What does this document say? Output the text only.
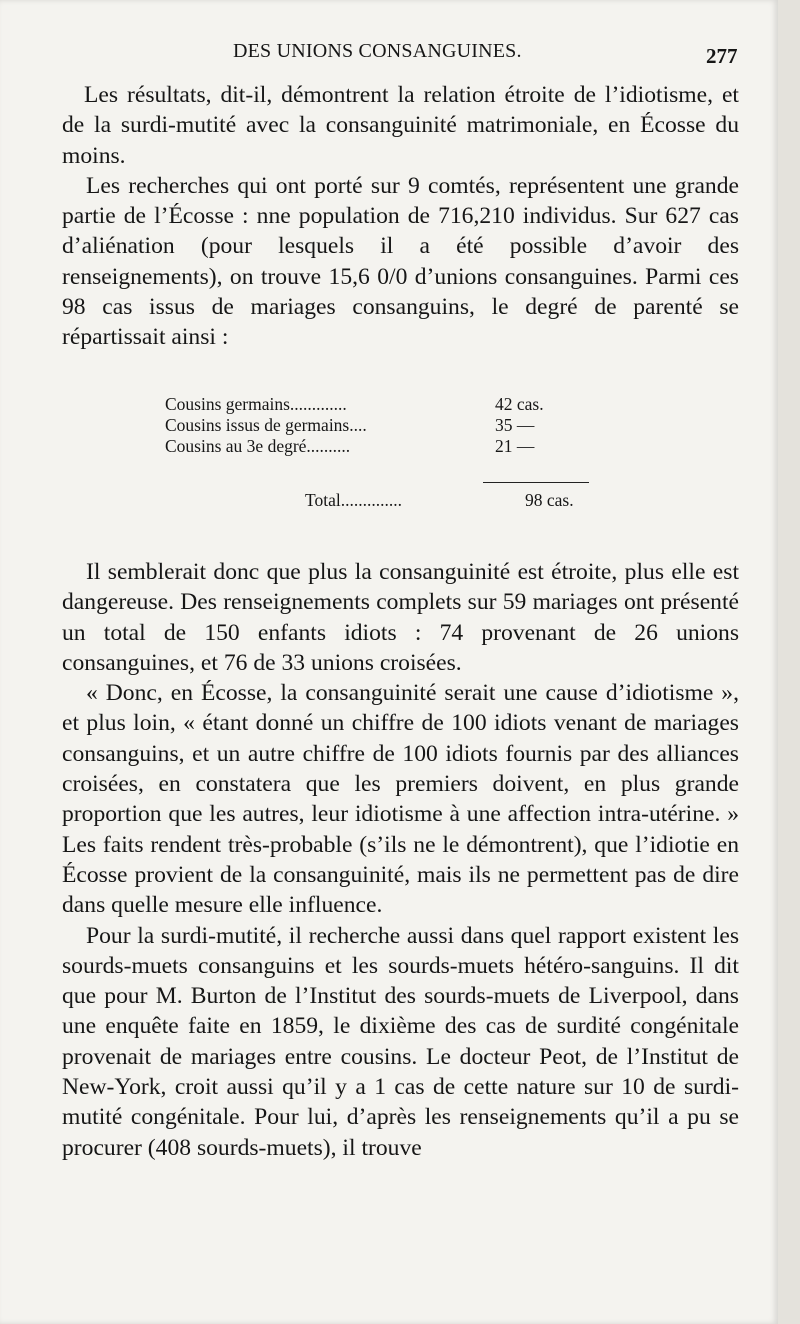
DES UNIONS CONSANGUINES.	277

Les résultats, dit-il, démontrent la relation étroite de l’idiotisme, et de la surdi-mutité avec la consanguinité matrimoniale, en Écosse du moins.

Les recherches qui ont porté sur 9 comtés, représentent une grande partie de l’Écosse : nne population de 716,210 individus. Sur 627 cas d’aliénation (pour lesquels il a été possible d’avoir des renseignements), on trouve 15,6 0/0 d’unions consanguines. Parmi ces 98 cas issus de mariages consanguins, le degré de parenté se répartissait ainsi :

Cousins germains.............	42 cas.
Cousins issus de germains....	35 —
Cousins au 3e degré..........	21 —
Total..............	98 cas.

Il semblerait donc que plus la consanguinité est étroite, plus elle est dangereuse. Des renseignements complets sur 59 mariages ont présenté un total de 150 enfants idiots : 74 provenant de 26 unions consanguines, et 76 de 33 unions croisées.

« Donc, en Écosse, la consanguinité serait une cause d’idiotisme », et plus loin, « étant donné un chiffre de 100 idiots venant de mariages consanguins, et un autre chiffre de 100 idiots fournis par des alliances croisées, en constatera que les premiers doivent, en plus grande proportion que les autres, leur idiotisme à une affection intra-utérine. » Les faits rendent très-probable (s’ils ne le démontrent), que l’idiotie en Écosse provient de la consanguinité, mais ils ne permettent pas de dire dans quelle mesure elle influence.

Pour la surdi-mutité, il recherche aussi dans quel rapport existent les sourds-muets consanguins et les sourds-muets hétéro-sanguins. Il dit que pour M. Burton de l’Institut des sourds-muets de Liverpool, dans une enquête faite en 1859, le dixième des cas de surdité congénitale provenait de mariages entre cousins. Le docteur Peot, de l’Institut de New-York, croit aussi qu’il y a 1 cas de cette nature sur 10 de surdi-mutité congénitale. Pour lui, d’après les renseignements qu’il a pu se procurer (408 sourds-muets), il trouve
